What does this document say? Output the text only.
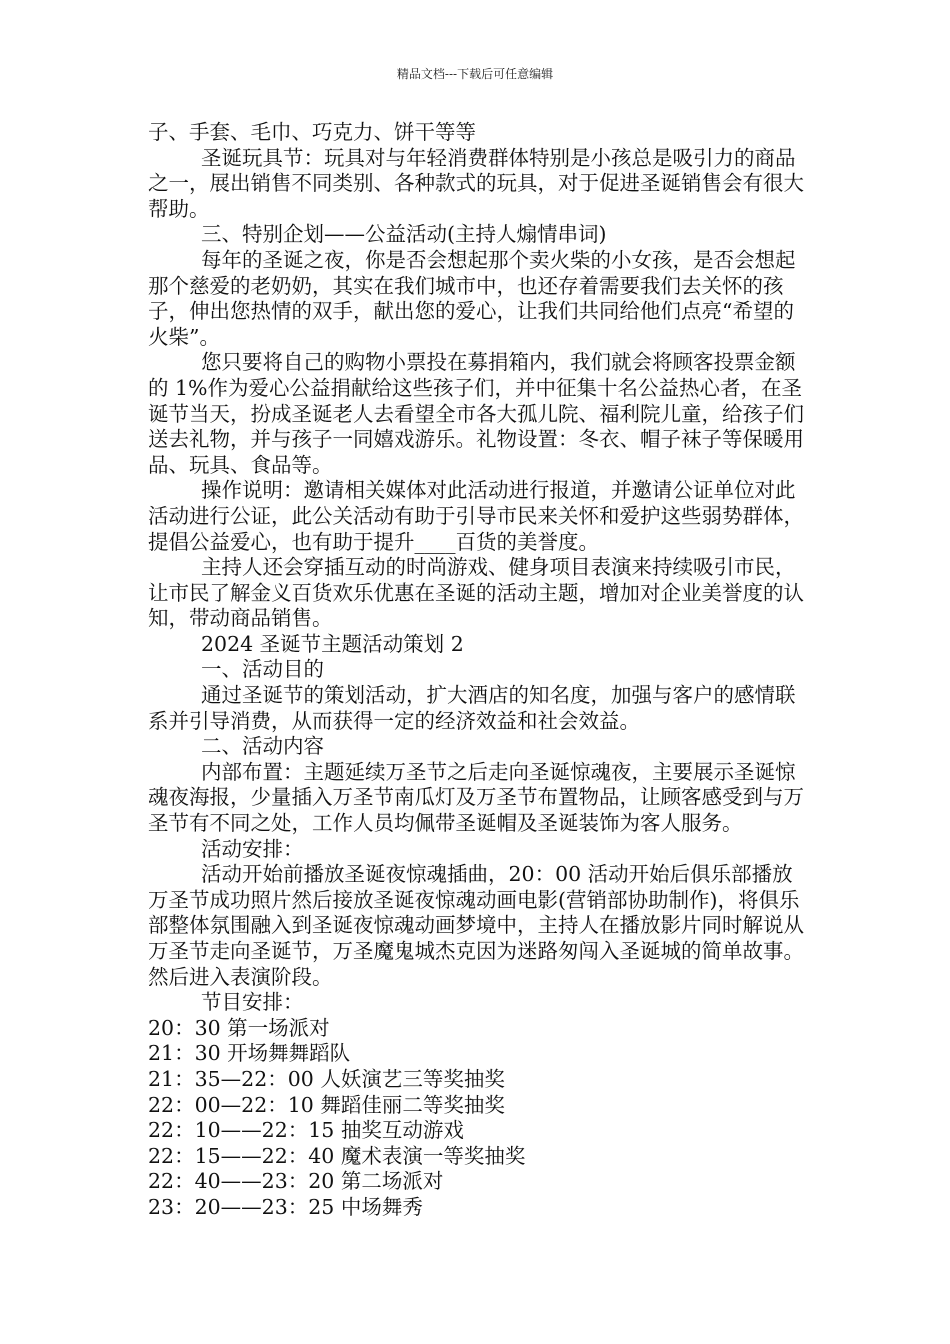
精品文档---下载后可任意编辑

子、手套、毛巾、巧克力、饼干等等

圣诞玩具节：玩具对与年轻消费群体特别是小孩总是吸引力的商品之一，展出销售不同类别、各种款式的玩具，对于促进圣诞销售会有很大帮助。

三、特别企划——公益活动(主持人煽情串词)

每年的圣诞之夜，你是否会想起那个卖火柴的小女孩，是否会想起那个慈爱的老奶奶，其实在我们城市中，也还存着需要我们去关怀的孩子，伸出您热情的双手，献出您的爱心，让我们共同给他们点亮“希望的火柴”。

您只要将自己的购物小票投在募捐箱内，我们就会将顾客投票金额的 1%作为爱心公益捐献给这些孩子们，并中征集十名公益热心者，在圣诞节当天，扮成圣诞老人去看望全市各大孤儿院、福利院儿童，给孩子们送去礼物，并与孩子一同嬉戏游乐。礼物设置：冬衣、帽子袜子等保暖用品、玩具、食品等。

操作说明：邀请相关媒体对此活动进行报道，并邀请公证单位对此活动进行公证，此公关活动有助于引导市民来关怀和爱护这些弱势群体，提倡公益爱心，也有助于提升____百货的美誉度。

主持人还会穿插互动的时尚游戏、健身项目表演来持续吸引市民，让市民了解金义百货欢乐优惠在圣诞的活动主题，增加对企业美誉度的认知，带动商品销售。

2024 圣诞节主题活动策划 2

一、活动目的

通过圣诞节的策划活动，扩大酒店的知名度，加强与客户的感情联系并引导消费，从而获得一定的经济效益和社会效益。

二、活动内容

内部布置：主题延续万圣节之后走向圣诞惊魂夜，主要展示圣诞惊魂夜海报，少量插入万圣节南瓜灯及万圣节布置物品，让顾客感受到与万圣节有不同之处，工作人员均佩带圣诞帽及圣诞装饰为客人服务。

活动安排：

活动开始前播放圣诞夜惊魂插曲，20：00 活动开始后俱乐部播放万圣节成功照片然后接放圣诞夜惊魂动画电影(营销部协助制作)，将俱乐部整体氛围融入到圣诞夜惊魂动画梦境中，主持人在播放影片同时解说从万圣节走向圣诞节，万圣魔鬼城杰克因为迷路匆闯入圣诞城的简单故事。然后进入表演阶段。

节目安排：

20：30 第一场派对

21：30 开场舞舞蹈队

21：35—22：00 人妖演艺三等奖抽奖

22：00—22：10 舞蹈佳丽二等奖抽奖

22：10——22：15 抽奖互动游戏

22：15——22：40 魔术表演一等奖抽奖

22：40——23：20 第二场派对

23：20——23：25 中场舞秀
